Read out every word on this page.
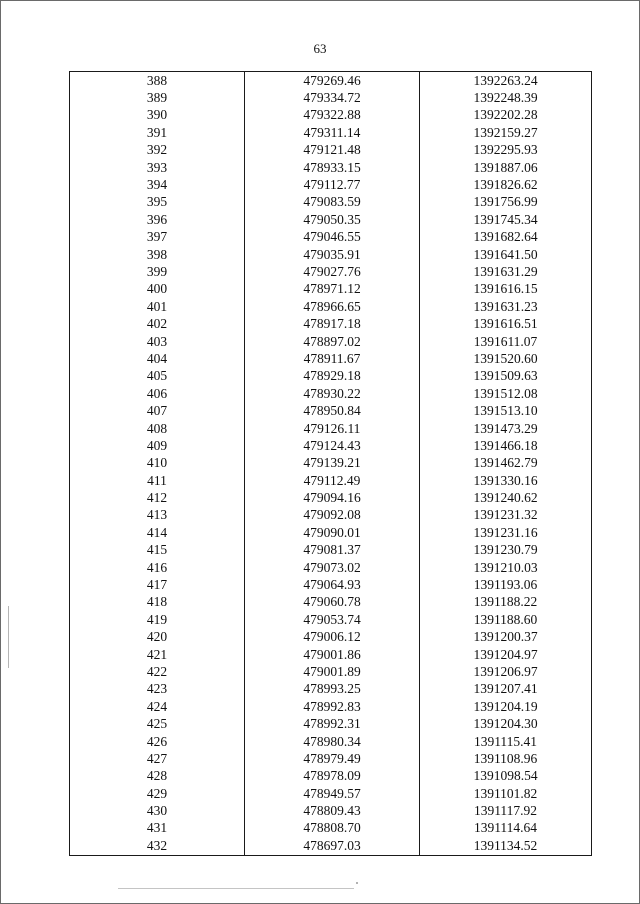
63
388	479269.46	1392263.24
389	479334.72	1392248.39
390	479322.88	1392202.28
391	479311.14	1392159.27
392	479121.48	1392295.93
393	478933.15	1391887.06
394	479112.77	1391826.62
395	479083.59	1391756.99
396	479050.35	1391745.34
397	479046.55	1391682.64
398	479035.91	1391641.50
399	479027.76	1391631.29
400	478971.12	1391616.15
401	478966.65	1391631.23
402	478917.18	1391616.51
403	478897.02	1391611.07
404	478911.67	1391520.60
405	478929.18	1391509.63
406	478930.22	1391512.08
407	478950.84	1391513.10
408	479126.11	1391473.29
409	479124.43	1391466.18
410	479139.21	1391462.79
411	479112.49	1391330.16
412	479094.16	1391240.62
413	479092.08	1391231.32
414	479090.01	1391231.16
415	479081.37	1391230.79
416	479073.02	1391210.03
417	479064.93	1391193.06
418	479060.78	1391188.22
419	479053.74	1391188.60
420	479006.12	1391200.37
421	479001.86	1391204.97
422	479001.89	1391206.97
423	478993.25	1391207.41
424	478992.83	1391204.19
425	478992.31	1391204.30
426	478980.34	1391115.41
427	478979.49	1391108.96
428	478978.09	1391098.54
429	478949.57	1391101.82
430	478809.43	1391117.92
431	478808.70	1391114.64
432	478697.03	1391134.52
